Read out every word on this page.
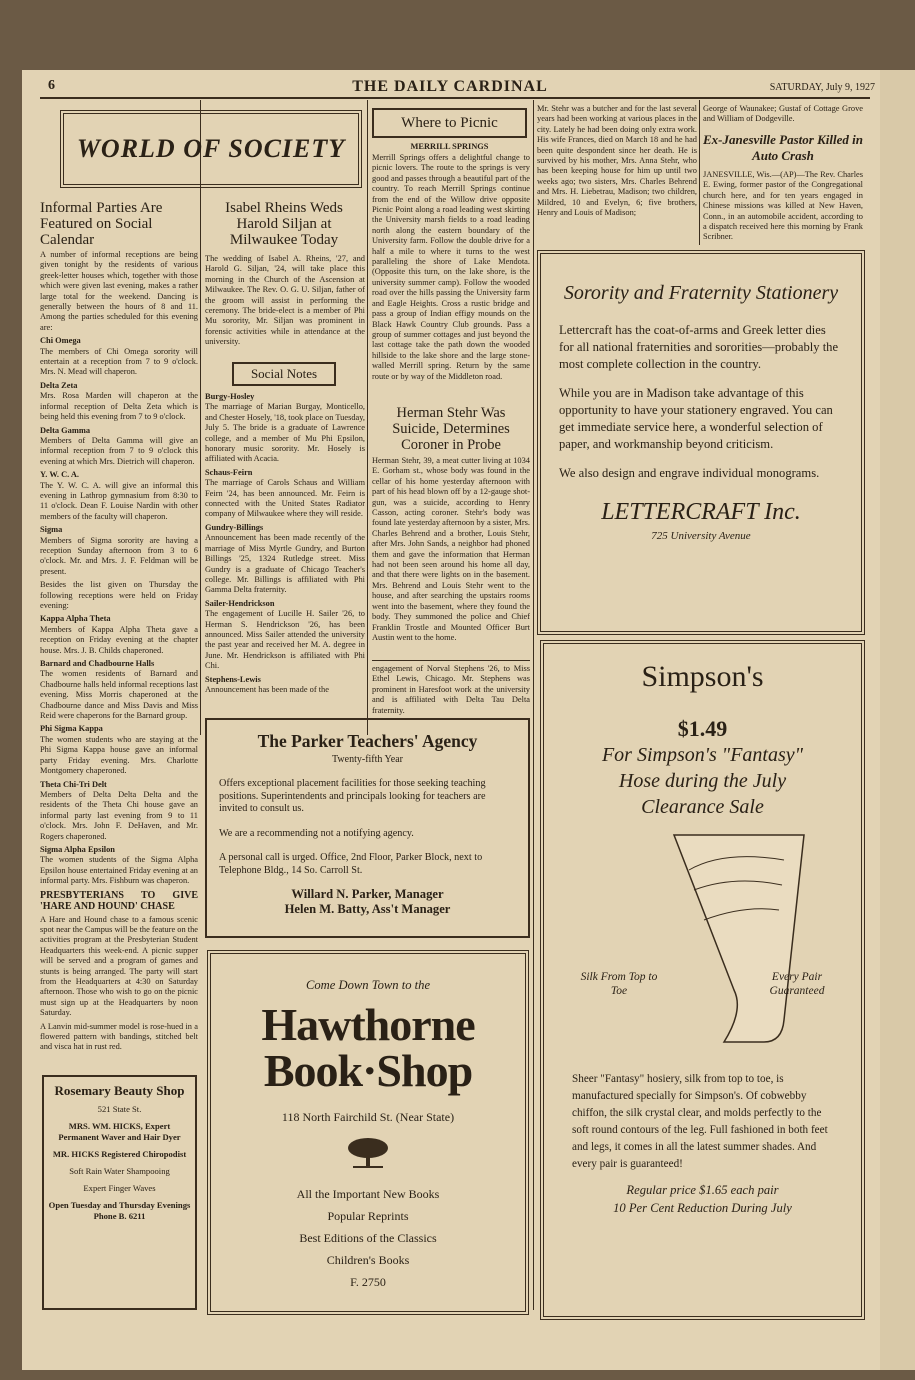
6	THE DAILY CARDINAL	SATURDAY, July 9, 1927
WORLD OF SOCIETY
Informal Parties Are Featured on Social Calendar

A number of informal receptions are being given tonight by the residents of various greek-letter houses which, together with those which were given last evening, makes a rather large total for the weekend. Dancing is generally between the hours of 8 and 11. Among the parties scheduled for this evening are:

Chi Omega

The members of Chi Omega sorority will entertain at a reception from 7 to 9 o'clock. Mrs. N. Mead will chaperon.

Delta Zeta

Mrs. Rosa Marden will chaperon at the informal reception of Delta Zeta which is being held this evening from 7 to 9 o'clock.

Delta Gamma

Members of Delta Gamma will give an informal reception from 7 to 9 o'clock this evening at which Mrs. Dietrich will chaperon.

Y. W. C. A.

The Y. W. C. A. will give an informal this evening in Lathrop gymnasium from 8:30 to 11 o'clock. Dean F. Louise Nardin with other members of the faculty will chaperon.

Sigma

Members of Sigma sorority are having a reception Sunday afternoon from 3 to 6 o'clock. Mr. and Mrs. J. F. Feldman will be present.

Besides the list given on Thursday the following receptions were held on Friday evening:

Kappa Alpha Theta

Members of Kappa Alpha Theta gave a reception on Friday evening at the chapter house. Mrs. J. B. Childs chaperoned.

Barnard and Chadbourne Halls

The women residents of Barnard and Chadbourne halls held informal receptions last evening. Miss Morris chaperoned at the Chadbourne dance and Miss Davis and Miss Reid were chaperons for the Barnard group.

Phi Sigma Kappa

The women students who are staying at the Phi Sigma Kappa house gave an informal party Friday evening. Mrs. Charlotte Montgomery chaperoned.

Theta Chi-Tri Delt

Members of Delta Delta Delta and the residents of the Theta Chi house gave an informal party last evening from 9 to 11 o'clock. Mrs. John F. DeHaven, and Mr. Rogers chaperoned.

Sigma Alpha Epsilon

The women students of the Sigma Alpha Epsilon house entertained Friday evening at an informal party. Mrs. Fishburn was chaperon.

PRESBYTERIANS TO GIVE 'HARE AND HOUND' CHASE

A Hare and Hound chase to a famous scenic spot near the Campus will be the feature on the activities program at the Presbyterian Student Headquarters this week-end. A picnic supper will be served and a program of games and stunts is being arranged. The party will start from the Headquarters at 4:30 on Saturday afternoon. Those who wish to go on the picnic must sign up at the Headquarters by noon Saturday.

A Lanvin mid-summer model is rose-hued in a flowered pattern with bandings, stitched belt and visca hat in rust red.

Rosemary Beauty Shop
521 State St.
MRS. WM. HICKS, Expert Permanent Waver and Hair Dyer
MR. HICKS Registered Chiropodist
Soft Rain Water Shampooing
Expert Finger Waves
Open Tuesday and Thursday Evenings
Phone B. 6211
Isabel Rheins Weds Harold Siljan at Milwaukee Today
The wedding of Isabel A. Rheins, '27, and Harold G. Siljan, '24, will take place this morning in the Church of the Ascension at Milwaukee. The Rev. O. G. U. Siljan, father of the groom will assist in performing the ceremony. The bride-elect is a member of Phi Mu sorority, Mr. Siljan was prominent in forensic activities while in attendance at the university.
Social Notes
Burgy-Hosley

The marriage of Marian Burgay, Monticello, and Chester Hosely, '18, took place on Tuesday, July 5. The bride is a graduate of Lawrence college, and a member of Mu Phi Epsilon, honorary music sorority. Mr. Hosely is affiliated with Acacia.

Schaus-Feirn

The marriage of Carols Schaus and William Feirn '24, has been announced. Mr. Feirn is connected with the United States Radiator company of Milwaukee where they will reside.

Gundry-Billings

Announcement has been made recently of the marriage of Miss Myrtle Gundry, and Burton Billings '25, 1324 Rutledge street. Miss Gundry is a graduate of Chicago Teacher's college. Mr. Billings is affiliated with Phi Gamma Delta fraternity.

Sailer-Hendrickson

The engagement of Lucille H. Sailer '26, to Herman S. Hendrickson '26, has been announced. Miss Sailer attended the university the past year and received her M. A. degree in June. Mr. Hendrickson is affiliated with Phi Chi.

Stephens-Lewis

Announcement has been made of the

Where to Picnic
MERRILL SPRINGS
Merrill Springs offers a delightful change to picnic lovers. The route to the springs is very good and passes through a beautiful part of the country. To reach Merrill Springs continue from the end of the Willow drive opposite Picnic Point along a road leading west skirting the University marsh fields to a road leading north along the eastern boundary of the University farm. Follow the double drive for a half a mile to where it turns to the west paralleling the shore of Lake Mendota. (Opposite this turn, on the lake shore, is the university summer camp). Follow the wooded road over the hills passing the University farm and Eagle Heights. Cross a rustic bridge and pass a group of Indian effigy mounds on the Black Hawk Country Club grounds. Pass a group of summer cottages and just beyond the last cottage take the path down the wooded hillside to the lake shore and the large stone-walled Merrill spring. Return by the same route or by way of the Middleton road.
Herman Stehr Was Suicide, Determines Coroner in Probe
Herman Stehr, 39, a meat cutter living at 1034 E. Gorham st., whose body was found in the cellar of his home yesterday afternoon with part of his head blown off by a 12-gauge shot-gun, was a suicide, according to Henry Casson, acting coroner. Stehr's body was found late yesterday afternoon by a sister, Mrs. Charles Behrend and a brother, Louis Stehr, after Mrs. John Sands, a neighbor had phoned them and gave the information that Herman had not been seen around his home all day, and that there were lights on in the basement. Mrs. Behrend and Louis Stehr went to the house, and after searching the upstairs rooms went into the basement, where they found the body. They summoned the police and Chief Franklin Trostle and Mounted Officer Burt Austin went to the home.
engagement of Norval Stephens '26, to Miss Ethel Lewis, Chicago. Mr. Stephens was prominent in Haresfoot work at the university and is affiliated with Delta Tau Delta fraternity.
Mr. Stehr was a butcher and for the last several years had been working at various places in the city. Lately he had been doing only extra work. His wife Frances, died on March 18 and he had been quite despondent since her death. He is survived by his mother, Mrs. Anna Stehr, who has been keeping house for him up until two weeks ago; two sisters, Mrs. Charles Behrend and Mrs. H. Liebetrau, Madison; two children, Mildred, 10 and Evelyn, 6; five brothers, Henry and Louis of Madison;
George of Waunakee; Gustaf of Cottage Grove and William of Dodgeville.
Ex-Janesville Pastor Killed in Auto Crash
JANESVILLE, Wis.—(AP)—The Rev. Charles E. Ewing, former pastor of the Congregational church here, and for ten years engaged in Chinese missions was killed at New Haven, Conn., in an automobile accident, according to a dispatch received here this morning by Frank Scribner.
Sorority and Fraternity Stationery

Lettercraft has the coat-of-arms and Greek letter dies for all national fraternities and sororities—probably the most complete collection in the country.

While you are in Madison take advantage of this opportunity to have your stationery engraved. You can get immediate service here, a wonderful selection of paper, and workmanship beyond criticism.

We also design and engrave individual monograms.

LETTERCRAFT Inc.
725 University Avenue
The Parker Teachers' Agency
Twenty-fifth Year

Offers exceptional placement facilities for those seeking teaching positions. Superintendents and principals looking for teachers are invited to consult us.

We are a recommending not a notifying agency.

A personal call is urged. Office, 2nd Floor, Parker Block, next to Telephone Bldg., 14 So. Carroll St.

Willard N. Parker, Manager
Helen M. Batty, Ass't Manager
Come Down Town to the
Hawthorne
Book·Shop
118 North Fairchild St. (Near State)
All the Important New Books
Popular Reprints
Best Editions of the Classics
Children's Books
F. 2750
Simpson's
$1.49
For Simpson's "Fantasy"
Hose during the July
Clearance Sale
Silk From Top to Toe
Every Pair Guaranteed

Sheer "Fantasy" hosiery, silk from top to toe, is manufactured specially for Simpson's. Of cobwebby chiffon, the silk crystal clear, and molds perfectly to the soft round contours of the leg. Full fashioned in both feet and legs, it comes in all the latest summer shades. And every pair is guaranteed!

Regular price $1.65 each pair
10 Per Cent Reduction During July
